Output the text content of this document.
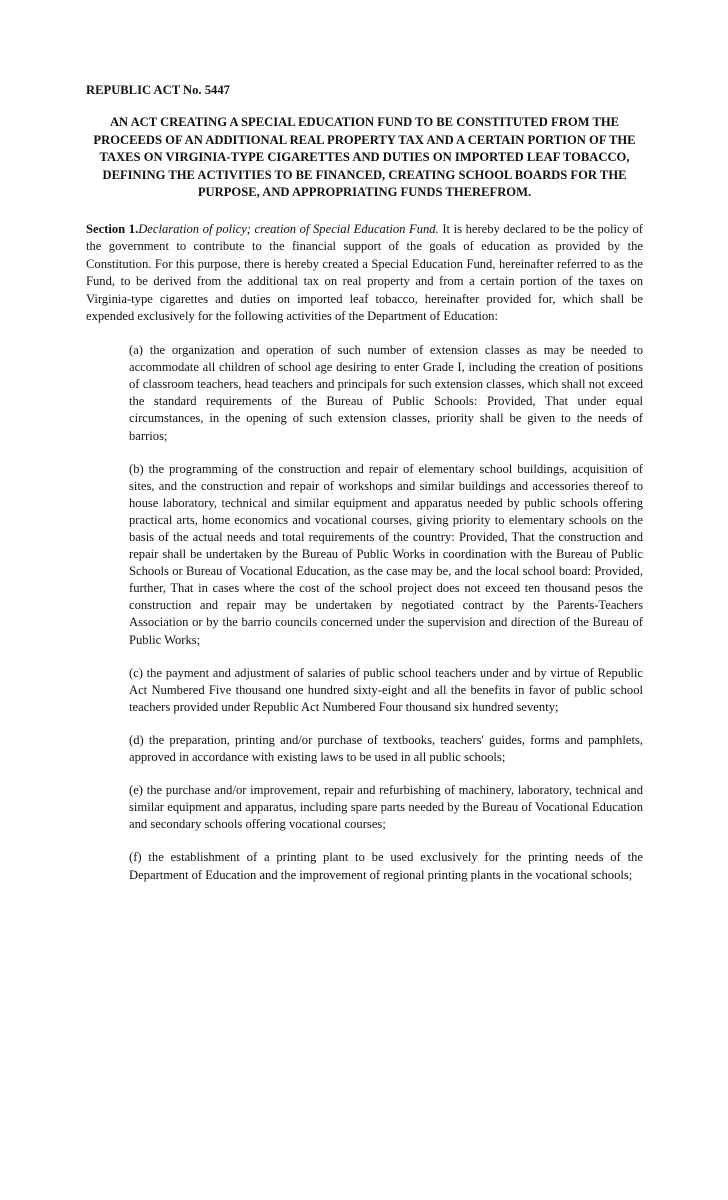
REPUBLIC ACT No. 5447
AN ACT CREATING A SPECIAL EDUCATION FUND TO BE CONSTITUTED FROM THE PROCEEDS OF AN ADDITIONAL REAL PROPERTY TAX AND A CERTAIN PORTION OF THE TAXES ON VIRGINIA-TYPE CIGARETTES AND DUTIES ON IMPORTED LEAF TOBACCO, DEFINING THE ACTIVITIES TO BE FINANCED, CREATING SCHOOL BOARDS FOR THE PURPOSE, AND APPROPRIATING FUNDS THEREFROM.

Section 1.Declaration of policy; creation of Special Education Fund. It is hereby declared to be the policy of the government to contribute to the financial support of the goals of education as provided by the Constitution. For this purpose, there is hereby created a Special Education Fund, hereinafter referred to as the Fund, to be derived from the additional tax on real property and from a certain portion of the taxes on Virginia-type cigarettes and duties on imported leaf tobacco, hereinafter provided for, which shall be expended exclusively for the following activities of the Department of Education:

(a) the organization and operation of such number of extension classes as may be needed to accommodate all children of school age desiring to enter Grade I, including the creation of positions of classroom teachers, head teachers and principals for such extension classes, which shall not exceed the standard requirements of the Bureau of Public Schools: Provided, That under equal circumstances, in the opening of such extension classes, priority shall be given to the needs of barrios;

(b) the programming of the construction and repair of elementary school buildings, acquisition of sites, and the construction and repair of workshops and similar buildings and accessories thereof to house laboratory, technical and similar equipment and apparatus needed by public schools offering practical arts, home economics and vocational courses, giving priority to elementary schools on the basis of the actual needs and total requirements of the country: Provided, That the construction and repair shall be undertaken by the Bureau of Public Works in coordination with the Bureau of Public Schools or Bureau of Vocational Education, as the case may be, and the local school board: Provided, further, That in cases where the cost of the school project does not exceed ten thousand pesos the construction and repair may be undertaken by negotiated contract by the Parents-Teachers Association or by the barrio councils concerned under the supervision and direction of the Bureau of Public Works;

(c) the payment and adjustment of salaries of public school teachers under and by virtue of Republic Act Numbered Five thousand one hundred sixty-eight and all the benefits in favor of public school teachers provided under Republic Act Numbered Four thousand six hundred seventy;

(d) the preparation, printing and/or purchase of textbooks, teachers' guides, forms and pamphlets, approved in accordance with existing laws to be used in all public schools;

(e) the purchase and/or improvement, repair and refurbishing of machinery, laboratory, technical and similar equipment and apparatus, including spare parts needed by the Bureau of Vocational Education and secondary schools offering vocational courses;

(f) the establishment of a printing plant to be used exclusively for the printing needs of the Department of Education and the improvement of regional printing plants in the vocational schools;
